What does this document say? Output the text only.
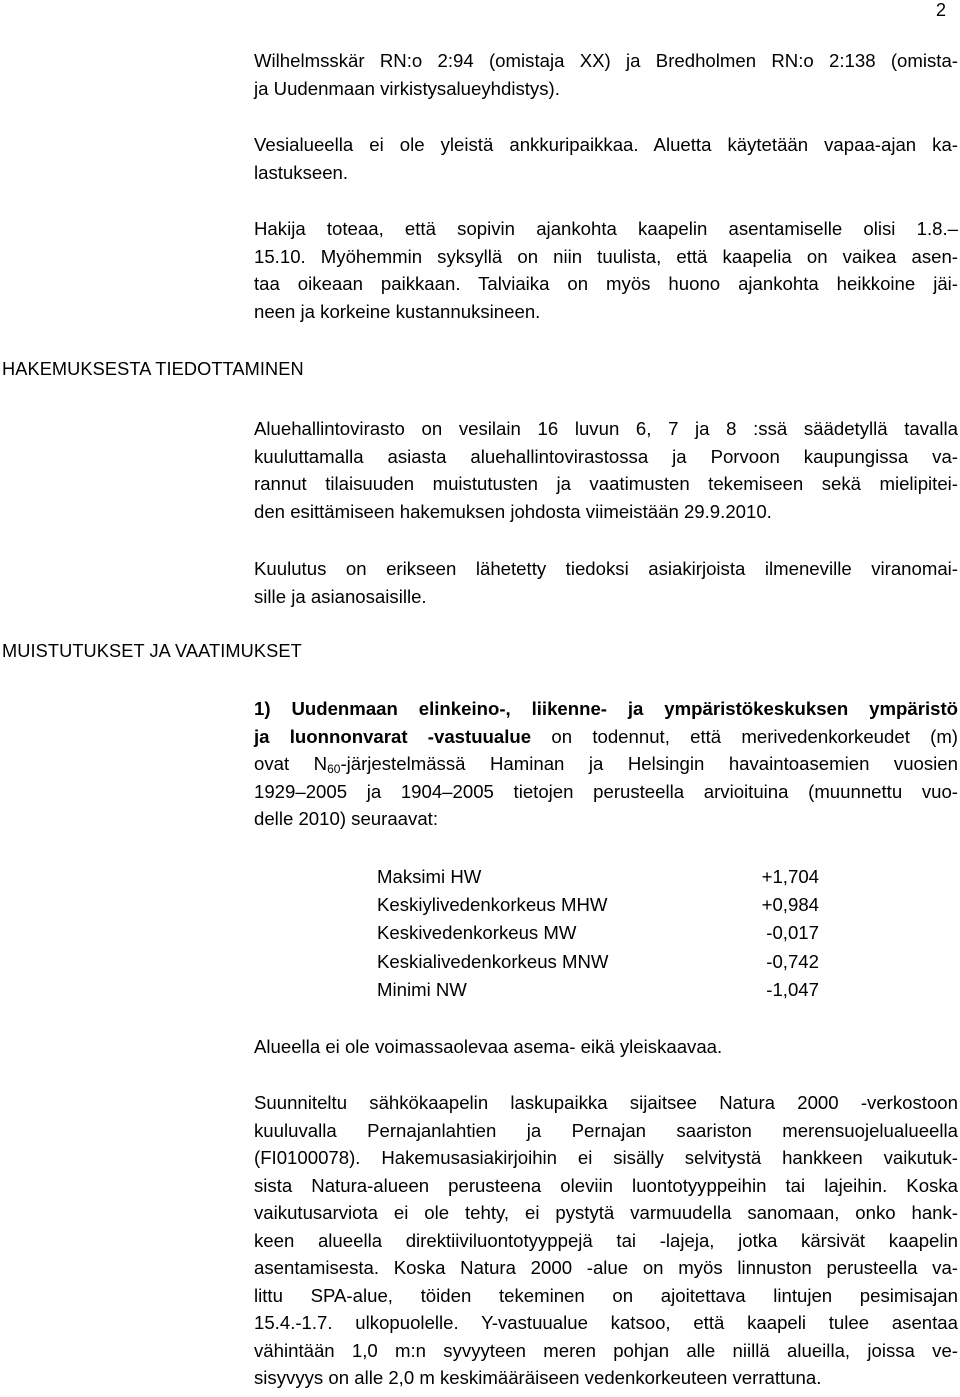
2
Wilhelmsskär RN:o 2:94 (omistaja XX) ja Bredholmen RN:o 2:138 (omista-
ja Uudenmaan virkistysalueyhdistys).
Vesialueella ei ole yleistä ankkuripaikkaa. Aluetta käytetään vapaa-ajan ka-
lastukseen.
Hakija toteaa, että sopivin ajankohta kaapelin asentamiselle olisi 1.8.–
15.10. Myöhemmin syksyllä on niin tuulista, että kaapelia on vaikea asen-
taa oikeaan paikkaan. Talviaika on myös huono ajankohta heikkoine jäi-
neen ja korkeine kustannuksineen.
HAKEMUKSESTA TIEDOTTAMINEN
Aluehallintovirasto on vesilain 16 luvun 6, 7 ja 8 :ssä säädetyllä tavalla
kuuluttamalla asiasta aluehallintovirastossa ja Porvoon kaupungissa va-
rannut tilaisuuden muistutusten ja vaatimusten tekemiseen sekä mielipitei-
den esittämiseen hakemuksen johdosta viimeistään 29.9.2010.
Kuulutus on erikseen lähetetty tiedoksi asiakirjoista ilmeneville viranomai-
sille ja asianosaisille.
MUISTUTUKSET JA VAATIMUKSET
1) Uudenmaan elinkeino-, liikenne- ja ympäristökeskuksen ympäristö
ja luonnonvarat -vastuualue on todennut, että merivedenkorkeudet (m)
ovat $N_{60}$-järjestelmässä Haminan ja Helsingin havaintoasemien vuosien
1929–2005 ja 1904–2005 tietojen perusteella arvioituina (muunnettu vuo-
delle 2010) seuraavat:
Maksimi HW	+1,704
Keskiylivedenkorkeus MHW	+0,984
Keskivedenkorkeus MW	-0,017
Keskialivedenkorkeus MNW	-0,742
Minimi NW	-1,047
Alueella ei ole voimassaolevaa asema- eikä yleiskaavaa.
Suunniteltu sähkökaapelin laskupaikka sijaitsee Natura 2000 -verkostoon
kuuluvalla Pernajanlahtien ja Pernajan saariston merensuojelualueella
(FI0100078). Hakemusasiakirjoihin ei sisälly selvitystä hankkeen vaikutuk-
sista Natura-alueen perusteena oleviin luontotyyppeihin tai lajeihin. Koska
vaikutusarviota ei ole tehty, ei pystytä varmuudella sanomaan, onko hank-
keen alueella direktiiviluontotyyppejä tai -lajeja, jotka kärsivät kaapelin
asentamisesta. Koska Natura 2000 -alue on myös linnuston perusteella va-
littu SPA-alue, töiden tekeminen on ajoitettava lintujen pesimisajan
15.4.-1.7. ulkopuolelle. Y-vastuualue katsoo, että kaapeli tulee asentaa
vähintään 1,0 m:n syvyyteen meren pohjan alle niillä alueilla, joissa ve-
sisyvyys on alle 2,0 m keskimääräiseen vedenkorkeuteen verrattuna.
